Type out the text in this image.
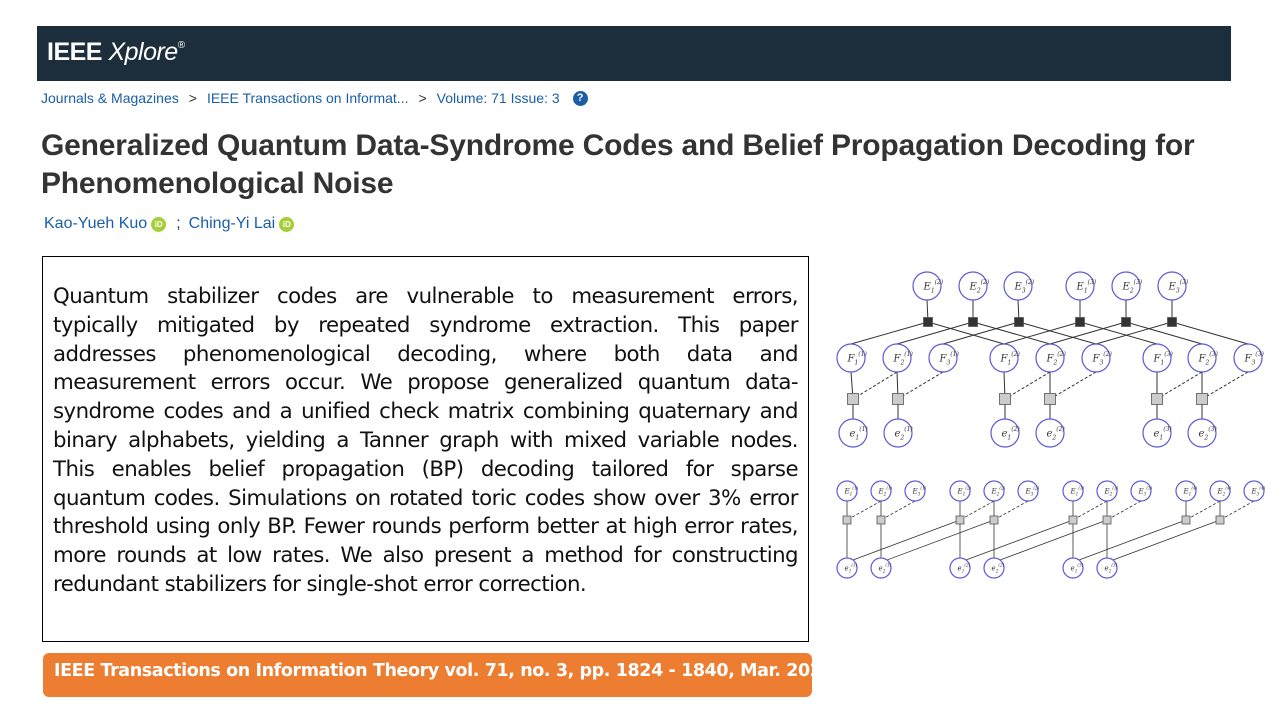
IEEE Xplore®
Journals & Magazines > IEEE Transactions on Informat... > Volume: 71 Issue: 3	?
Generalized Quantum Data-Syndrome Codes and Belief Propagation Decoding for Phenomenological Noise
Kao-Yueh Kuo iD ; Ching-Yi Lai iD

Quantum stabilizer codes are vulnerable to measurement errors, typically mitigated by repeated syndrome extraction. This paper addresses phenomenological decoding, where both data and measurement errors occur. We propose generalized quantum data-syndrome codes and a unified check matrix combining quaternary and binary alphabets, yielding a Tanner graph with mixed variable nodes. This enables belief propagation (BP) decoding tailored for sparse quantum codes. Simulations on rotated toric codes show over 3% error threshold using only BP. Fewer rounds perform better at high error rates, more rounds at low rates. We also present a method for constructing redundant stabilizers for single-shot error correction.

IEEE Transactions on Information Theory vol. 71, no. 3, pp. 1824 - 1840, Mar. 2025.
$E_1^{(2)}$	$E_2^{(2)}$	$E_3^{(2)}$	$E_1^{(3)}$	$E_2^{(3)}$	$E_3^{(3)}$
$F_1^{(1)}$	$F_2^{(1)}$	$F_3^{(1)}$	$F_1^{(2)}$	$F_2^{(2)}$	$F_3^{(2)}$	$F_1^{(3)}$	$F_2^{(3)}$	$F_3^{(3)}$
$e_1^{(1)}$	$e_2^{(1)}$	$e_1^{(2)}$	$e_2^{(2)}$	$e_1^{(3)}$	$e_2^{(3)}$
$E_1^{(1)}$	$E_2^{(1)}$	$E_3^{(1)}$	$E_1^{(2)}$	$E_2^{(2)}$	$E_3^{(2)}$	$E_1^{(3)}$	$E_2^{(3)}$	$E_3^{(3)}$	$E_1^{(4)}$	$E_2^{(4)}$	$E_3^{(4)}$
$e_1^{(1)}$	$e_2^{(1)}$	$e_1^{(2)}$	$e_2^{(2)}$	$e_1^{(3)}$	$e_2^{(3)}$
